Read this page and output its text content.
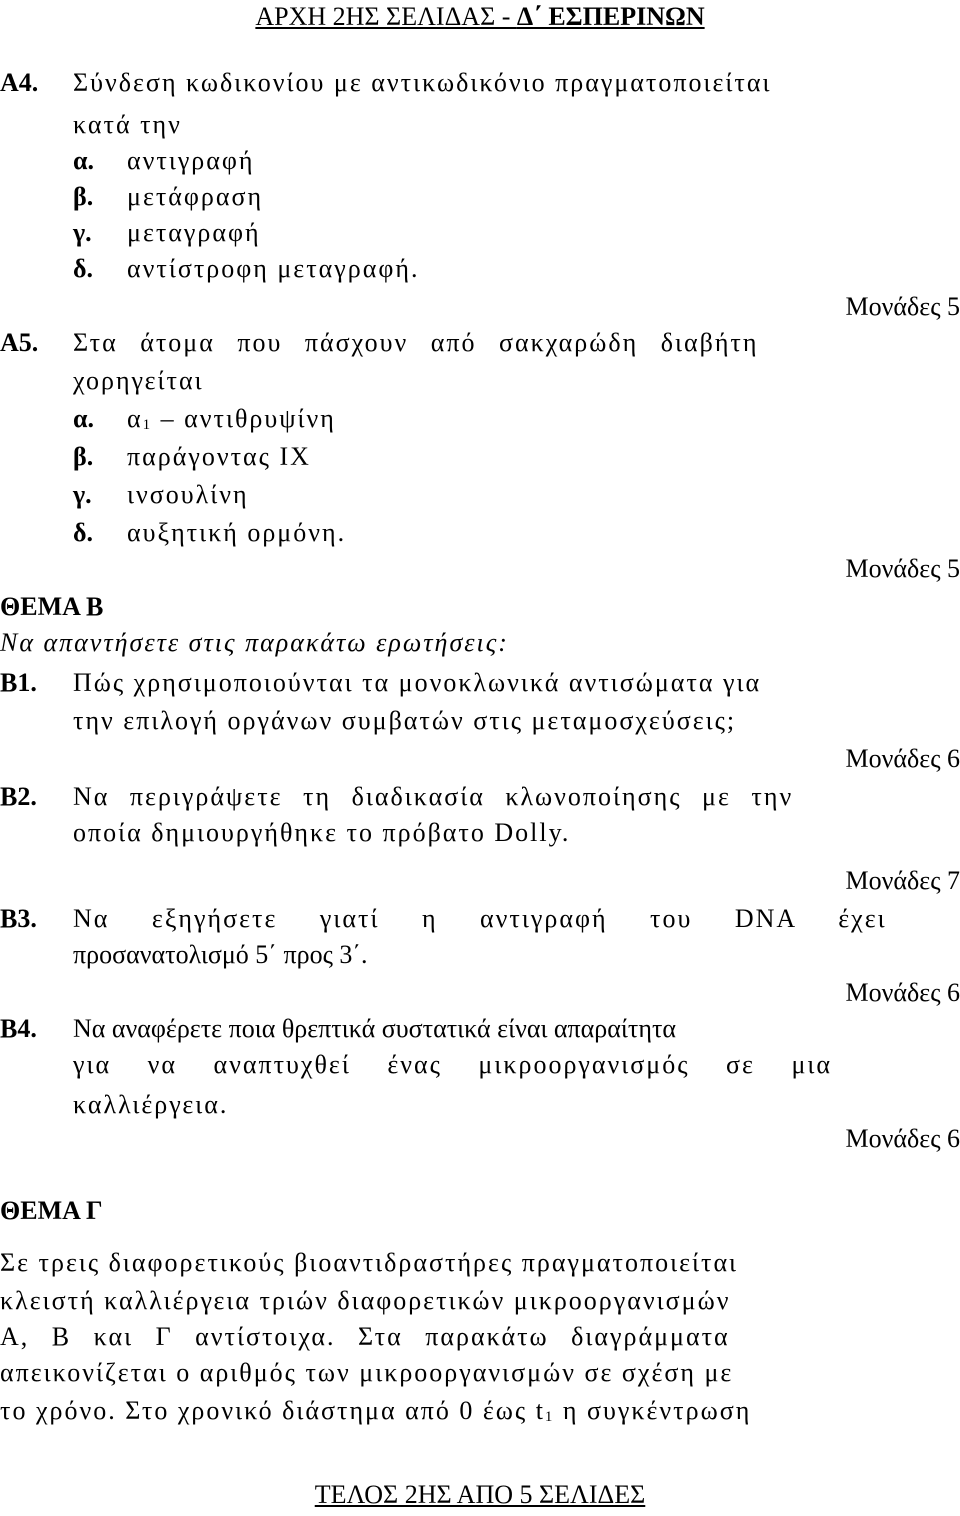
ΑΡΧΗ 2ΗΣ ΣΕΛΙΔΑΣ - Δ΄ ΕΣΠΕΡΙΝΩΝ
Α4. Σύνδεση κωδικονίου με αντικωδικόνιο πραγματοποιείται
κατά την
α. αντιγραφή
β. μετάφραση
γ. μεταγραφή
δ. αντίστροφη μεταγραφή.
Μονάδες 5
Α5. Στα άτομα που πάσχουν από σακχαρώδη διαβήτη
χορηγείται
α. $\alpha_1$ – αντιθρυψίνη
β. παράγοντας ΙΧ
γ. ινσουλίνη
δ. αυξητική ορμόνη.
Μονάδες 5
ΘΕΜΑ Β
Να απαντήσετε στις παρακάτω ερωτήσεις:
Β1. Πώς χρησιμοποιούνται τα μονοκλωνικά αντισώματα για
την επιλογή οργάνων συμβατών στις μεταμοσχεύσεις;
Μονάδες 6
Β2. Να περιγράψετε τη διαδικασία κλωνοποίησης με την
οποία δημιουργήθηκε το πρόβατο Dolly.
Μονάδες 7
Β3. Να εξηγήσετε γιατί η αντιγραφή του DNA έχει
προσανατολισμό 5΄ προς 3΄.
Μονάδες 6
Β4. Να αναφέρετε ποια θρεπτικά συστατικά είναι απαραίτητα
για να αναπτυχθεί ένας μικροοργανισμός σε μια
καλλιέργεια.
Μονάδες 6
ΘΕΜΑ Γ
Σε τρεις διαφορετικούς βιοαντιδραστήρες πραγματοποιείται
κλειστή καλλιέργεια τριών διαφορετικών μικροοργανισμών
Α, Β και Γ αντίστοιχα. Στα παρακάτω διαγράμματα
απεικονίζεται ο αριθμός των μικροοργανισμών σε σχέση με
το χρόνο. Στο χρονικό διάστημα από 0 έως $t_1$ η συγκέντρωση
ΤΕΛΟΣ 2ΗΣ ΑΠΟ 5 ΣΕΛΙΔΕΣ
